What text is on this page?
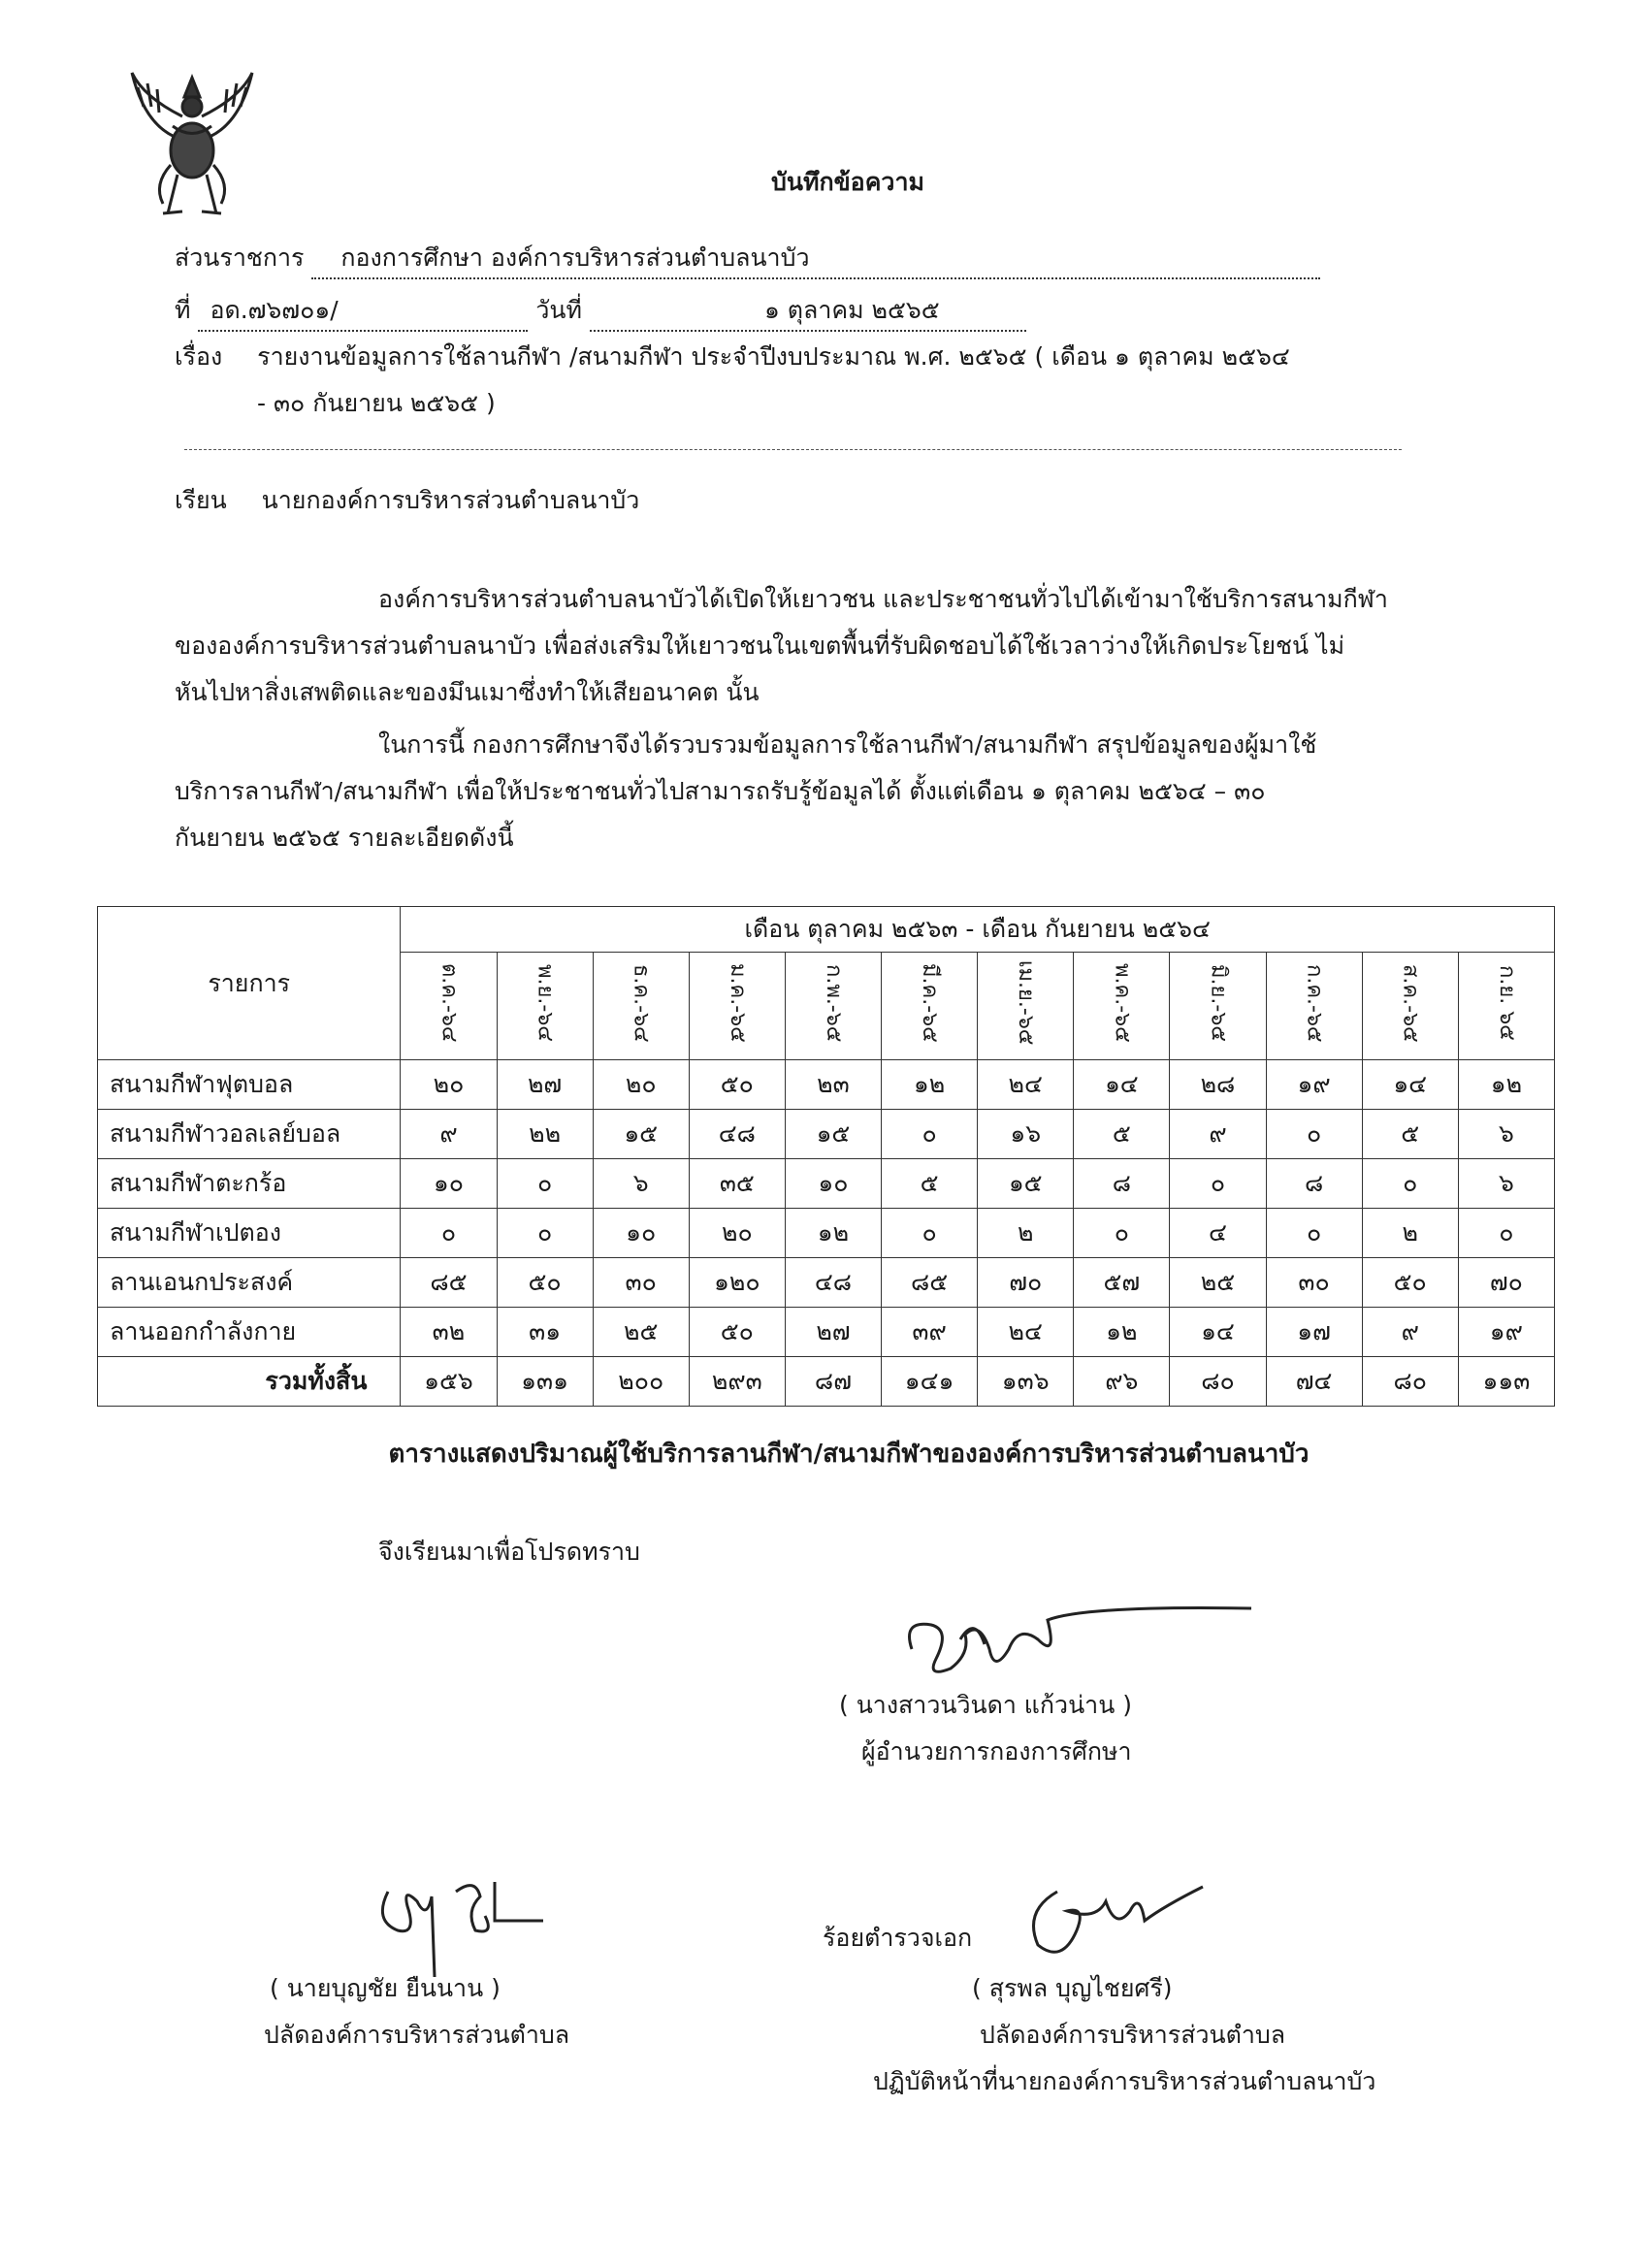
บันทึกข้อความ
ส่วนราชการ กองการศึกษา องค์การบริหารส่วนตำบลนาบัว
ที่ อด.๗๖๗๐๑/	วันที่	๑ ตุลาคม ๒๕๖๕
เรื่อง รายงานข้อมูลการใช้ลานกีฬา /สนามกีฬา ประจำปีงบประมาณ พ.ศ. ๒๕๖๕ ( เดือน ๑ ตุลาคม ๒๕๖๔
- ๓๐ กันยายน ๒๕๖๕ )
เรียน นายกองค์การบริหารส่วนตำบลนาบัว
องค์การบริหารส่วนตำบลนาบัวได้เปิดให้เยาวชน และประชาชนทั่วไปได้เข้ามาใช้บริการสนามกีฬา
ขององค์การบริหารส่วนตำบลนาบัว เพื่อส่งเสริมให้เยาวชนในเขตพื้นที่รับผิดชอบได้ใช้เวลาว่างให้เกิดประโยชน์ ไม่
หันไปหาสิ่งเสพติดและของมึนเมาซึ่งทำให้เสียอนาคต นั้น
ในการนี้ กองการศึกษาจึงได้รวบรวมข้อมูลการใช้ลานกีฬา/สนามกีฬา สรุปข้อมูลของผู้มาใช้
บริการลานกีฬา/สนามกีฬา เพื่อให้ประชาชนทั่วไปสามารถรับรู้ข้อมูลได้ ตั้งแต่เดือน ๑ ตุลาคม ๒๕๖๔ – ๓๐
กันยายน ๒๕๖๕ รายละเอียดดังนี้
รายการ	เดือน ตุลาคม ๒๕๖๓ - เดือน กันยายน ๒๕๖๔											
	ต.ค.-๖๔	พ.ย.-๖๔	ธ.ค.-๖๔	ม.ค.-๖๕	ก.พ.-๖๕	มี.ค.-๖๕	เม.ย.-๖๕	พ.ค.-๖๕	มิ.ย.-๖๕	ก.ค.-๖๕	ส.ค.-๖๕	ก.ย. ๖๕
สนามกีฬาฟุตบอล	๒๐	๒๗	๒๐	๕๐	๒๓	๑๒	๒๔	๑๔	๒๘	๑๙	๑๔	๑๒
สนามกีฬาวอลเลย์บอล	๙	๒๒	๑๕	๔๘	๑๕	๐	๑๖	๕	๙	๐	๕	๖
สนามกีฬาตะกร้อ	๑๐	๐	๖	๓๕	๑๐	๕	๑๕	๘	๐	๘	๐	๖
สนามกีฬาเปตอง	๐	๐	๑๐	๒๐	๑๒	๐	๒	๐	๔	๐	๒	๐
ลานเอนกประสงค์	๘๕	๕๐	๓๐	๑๒๐	๔๘	๘๕	๗๐	๕๗	๒๕	๓๐	๕๐	๗๐
ลานออกกำลังกาย	๓๒	๓๑	๒๕	๕๐	๒๗	๓๙	๒๔	๑๒	๑๔	๑๗	๙	๑๙
รวมทั้งสิ้น	๑๕๖	๑๓๑	๒๐๐	๒๙๓	๘๗	๑๔๑	๑๓๖	๙๖	๘๐	๗๔	๘๐	๑๑๓
ตารางแสดงปริมาณผู้ใช้บริการลานกีฬา/สนามกีฬาขององค์การบริหารส่วนตำบลนาบัว
จึงเรียนมาเพื่อโปรดทราบ
( นางสาวนวินดา แก้วน่าน )
ผู้อำนวยการกองการศึกษา
( นายบุญชัย ยืนนาน )
ปลัดองค์การบริหารส่วนตำบล
ร้อยตำรวจเอก
( สุรพล บุญไชยศรี)
ปลัดองค์การบริหารส่วนตำบล
ปฏิบัติหน้าที่นายกองค์การบริหารส่วนตำบลนาบัว
